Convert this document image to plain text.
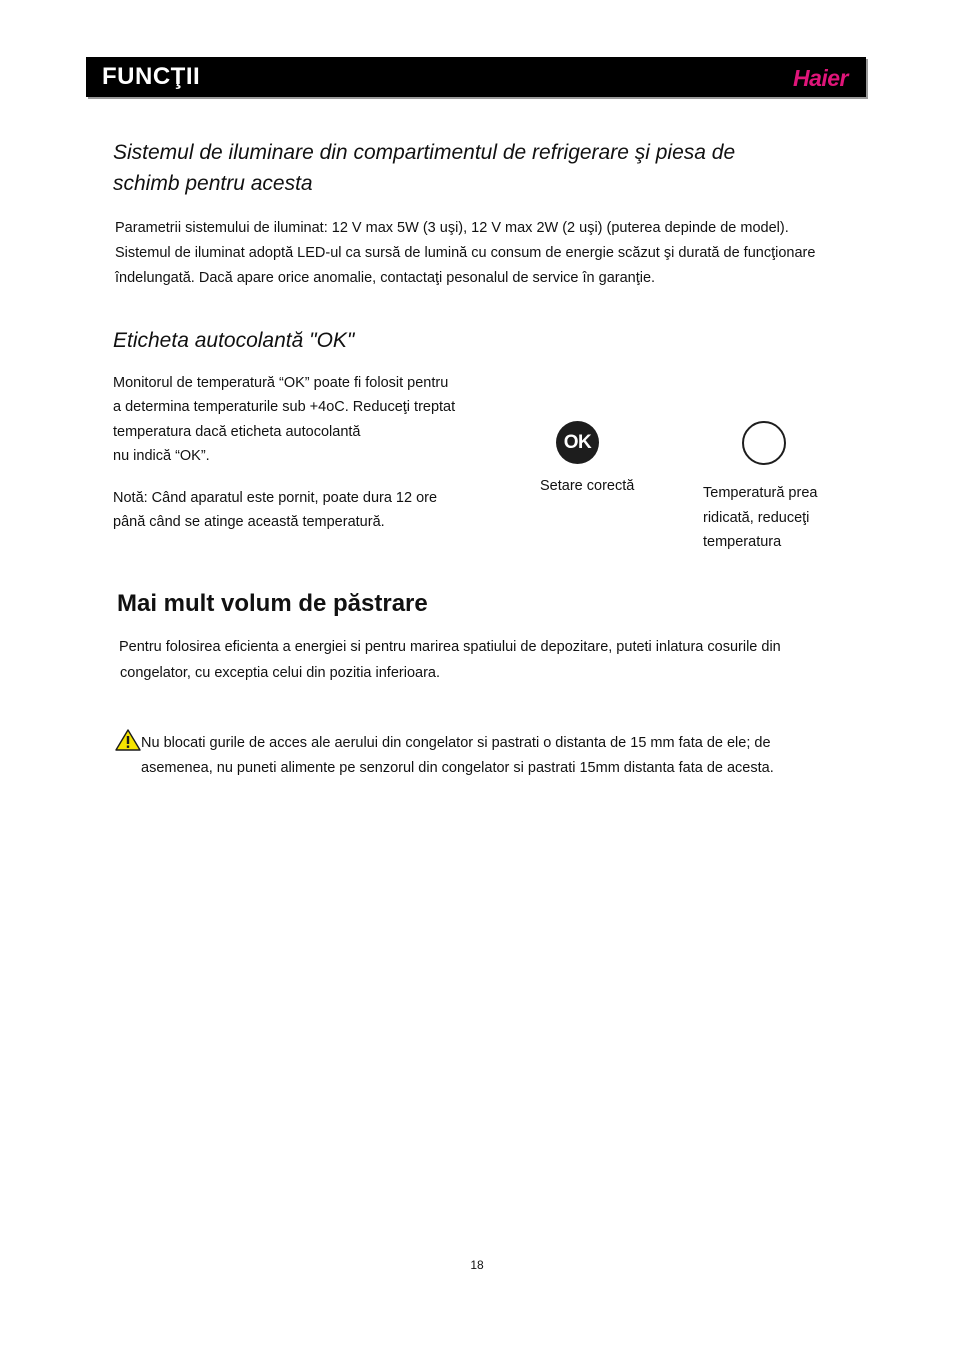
FUNCŢII	Haier
Sistemul de iluminare din compartimentul de refrigerare şi piesa de
schimb pentru acesta

Parametrii sistemului de iluminat: 12 V max 5W (3 uşi), 12 V max 2W (2 uşi) (puterea depinde de model).

Sistemul de iluminat adoptă LED-ul ca sursă de lumină cu consum de energie scăzut şi durată de funcţionare

îndelungată. Dacă apare orice anomalie, contactaţi pesonalul de service în garanţie.

Eticheta autocolantă "OK"

Monitorul de temperatură “OK” poate fi folosit pentru

a determina temperaturile sub +4oC. Reduceţi treptat

temperatura dacă eticheta autocolantă

nu indică “OK”.

Notă: Când aparatul este pornit, poate dura 12 ore

până când se atinge această temperatură.

OK

Setare corectă	Temperatură prea

ridicată, reduceţi

temperatura

Mai mult volum de păstrare

Pentru folosirea eficienta a energiei si pentru marirea spatiului de depozitare, puteti inlatura cosurile din

congelator, cu exceptia celui din pozitia inferioara.

Nu blocati gurile de acces ale aerului din congelator si pastrati o distanta de 15 mm fata de ele; de

asemenea, nu puneti alimente pe senzorul din congelator si pastrati 15mm distanta fata de acesta.

18
